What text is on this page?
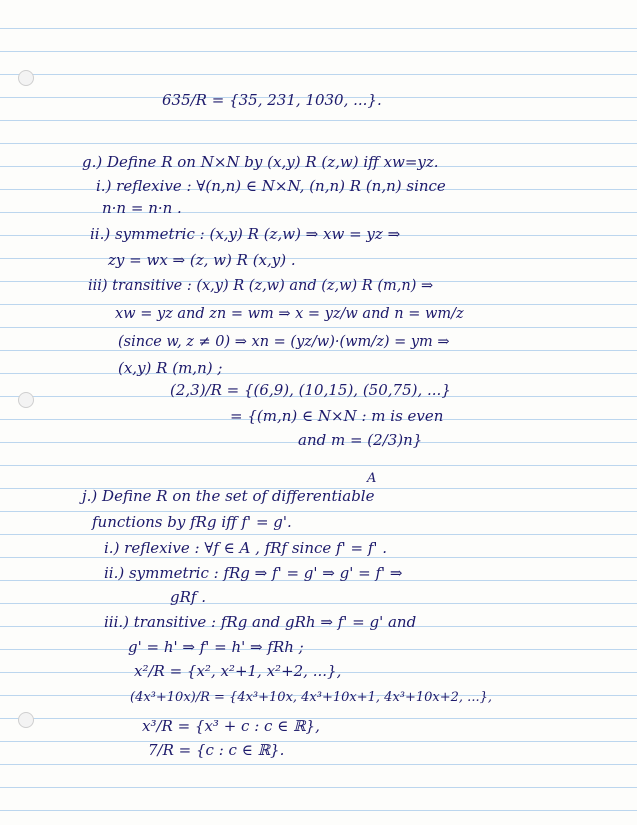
635/R = {35, 231, 1030, ...}.
g.) Define R on N×N by (x,y) R (z,w) iff xw=yz.
i.) reflexive : ∀(n,n) ∈ N×N, (n,n) R (n,n) since
n·n = n·n .
ii.) symmetric : (x,y) R (z,w) ⇒ xw = yz ⇒
zy = wx ⇒ (z, w) R (x,y) .
iii) transitive : (x,y) R (z,w) and (z,w) R (m,n) ⇒
xw = yz and zn = wm ⇒ x = yz/w and n = wm/z
(since w, z ≠ 0) ⇒ xn = (yz/w)·(wm/z) = ym ⇒
(x,y) R (m,n) ;
(2,3)/R = {(6,9), (10,15), (50,75), ...}
= {(m,n) ∈ N×N : m is even
and m = (2/3)n}
A
j.) Define R on the set of differentiable
functions by fRg iff f' = g'.
i.) reflexive : ∀f ∈ A , fRf since f' = f' .
ii.) symmetric : fRg ⇒ f' = g' ⇒ g' = f' ⇒
gRf .
iii.) transitive : fRg and gRh ⇒ f' = g' and
g' = h' ⇒ f' = h' ⇒ fRh ;
x²/R = {x², x²+1, x²+2, ...},
(4x³+10x)/R = {4x³+10x, 4x³+10x+1, 4x³+10x+2, ...},
x³/R = {x³ + c : c ∈ ℝ},
7/R = {c : c ∈ ℝ}.
